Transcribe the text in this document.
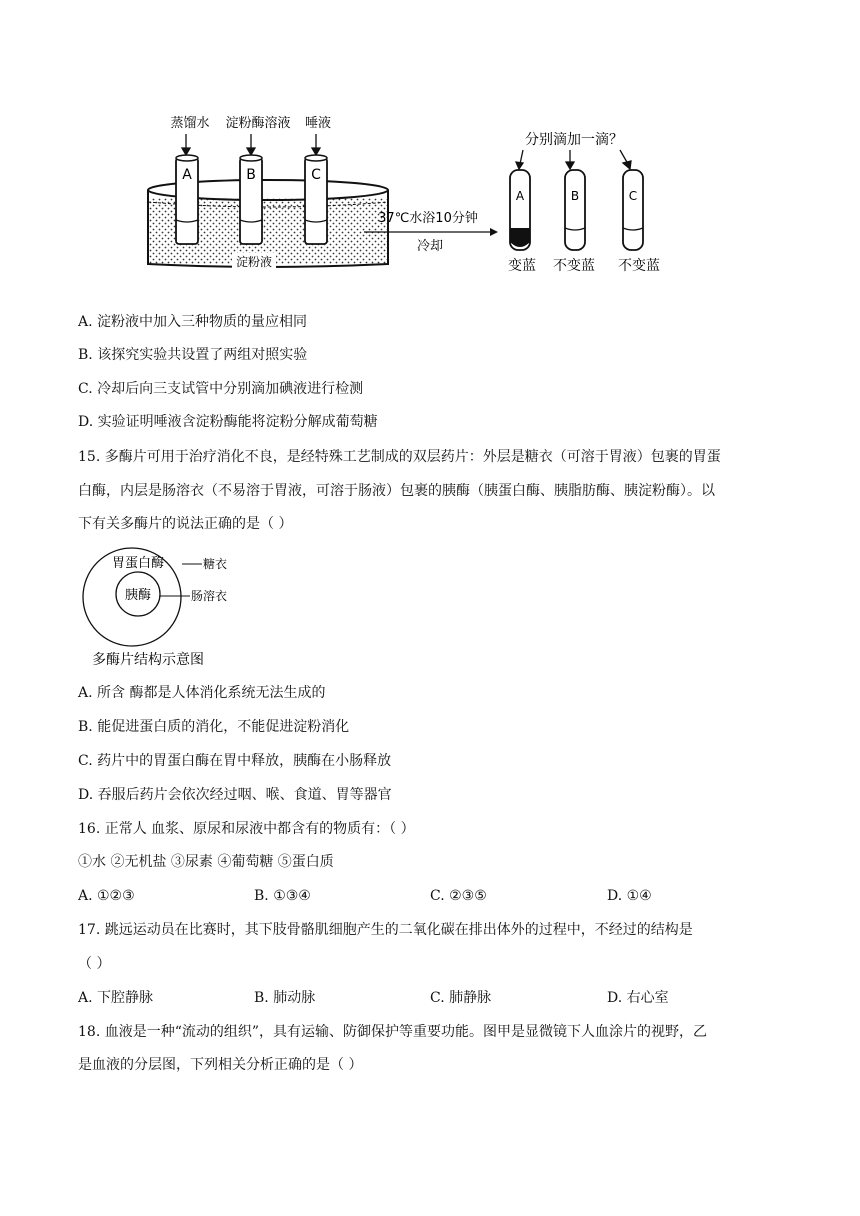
蒸馏水 淀粉酶溶液 唾液
A	B	C
淀粉液
37℃水浴10分钟
冷却
分别滴加一滴？
A	B	C
变蓝 不变蓝 不变蓝
A. 淀粉液中加入三种物质的量应相同
B. 该探究实验共设置了两组对照实验
C. 冷却后向三支试管中分别滴加碘液进行检测
D. 实验证明唾液含淀粉酶能将淀粉分解成葡萄糖
15. 多酶片可用于治疗消化不良，是经特殊工艺制成的双层药片：外层是糖衣（可溶于胃液）包裹的胃蛋
白酶，内层是肠溶衣（不易溶于胃液，可溶于肠液）包裹的胰酶（胰蛋白酶、胰脂肪酶、胰淀粉酶）。以
下有关多酶片的说法正确的是（ ）
胃蛋白酶
胰酶
糖衣
肠溶衣
多酶片结构示意图
A. 所含 酶都是人体消化系统无法生成的
B. 能促进蛋白质的消化，不能促进淀粉消化
C. 药片中的胃蛋白酶在胃中释放，胰酶在小肠释放
D. 吞服后药片会依次经过咽、喉、食道、胃等器官
16. 正常人 血浆、原尿和尿液中都含有的物质有：（ ）
①水 ②无机盐 ③尿素 ④葡萄糖 ⑤蛋白质
A. ①②③	B. ①③④	C. ②③⑤	D. ①④
17. 跳远运动员在比赛时，其下肢骨骼肌细胞产生的二氧化碳在排出体外的过程中，不经过的结构是
（ ）
A. 下腔静脉	B. 肺动脉	C. 肺静脉	D. 右心室
18. 血液是一种“流动的组织”，具有运输、防御保护等重要功能。图甲是显微镜下人血涂片的视野，乙
是血液的分层图，下列相关分析正确的是（ ）
